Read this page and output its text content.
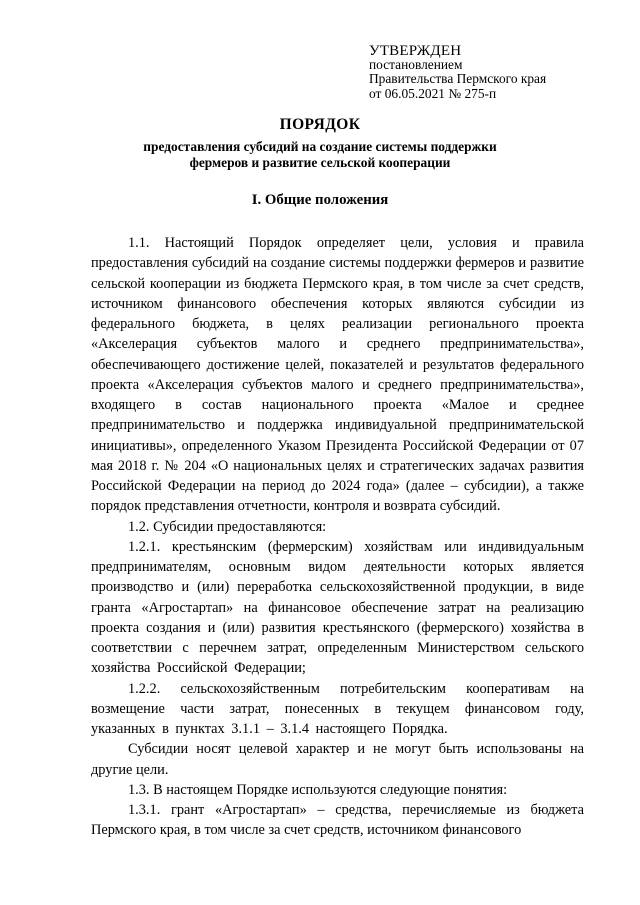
УТВЕРЖДЕН
постановлением
Правительства Пермского края
от 06.05.2021 № 275-п
ПОРЯДОК
предоставления субсидий на создание системы поддержки
фермеров и развитие сельской кооперации
I. Общие положения

1.1. Настоящий Порядок определяет цели, условия и правила предоставления субсидий на создание системы поддержки фермеров и развитие сельской кооперации из бюджета Пермского края, в том числе за счет средств, источником финансового обеспечения которых являются субсидии из федерального бюджета, в целях реализации регионального проекта «Акселерация субъектов малого и среднего предпринимательства», обеспечивающего достижение целей, показателей и результатов федерального проекта «Акселерация субъектов малого и среднего предпринимательства», входящего в состав национального проекта «Малое и среднее предпринимательство и поддержка индивидуальной предпринимательской инициативы», определенного Указом Президента Российской Федерации от 07 мая 2018 г. № 204 «О национальных целях и стратегических задачах развития Российской Федерации на период до 2024 года» (далее – субсидии), а также порядок представления отчетности, контроля и возврата субсидий.

1.2. Субсидии предоставляются:

1.2.1. крестьянским (фермерским) хозяйствам или индивидуальным предпринимателям, основным видом деятельности которых является производство и (или) переработка сельскохозяйственной продукции, в виде гранта «Агростартап» на финансовое обеспечение затрат на реализацию проекта создания и (или) развития крестьянского (фермерского) хозяйства в соответствии с перечнем затрат, определенным Министерством сельского хозяйства Российской Федерации;

1.2.2. сельскохозяйственным потребительским кооперативам на возмещение части затрат, понесенных в текущем финансовом году, указанных в пунктах 3.1.1 – 3.1.4 настоящего Порядка.

Субсидии носят целевой характер и не могут быть использованы на другие цели.

1.3. В настоящем Порядке используются следующие понятия:

1.3.1. грант «Агростартап» – средства, перечисляемые из бюджета Пермского края, в том числе за счет средств, источником финансового
